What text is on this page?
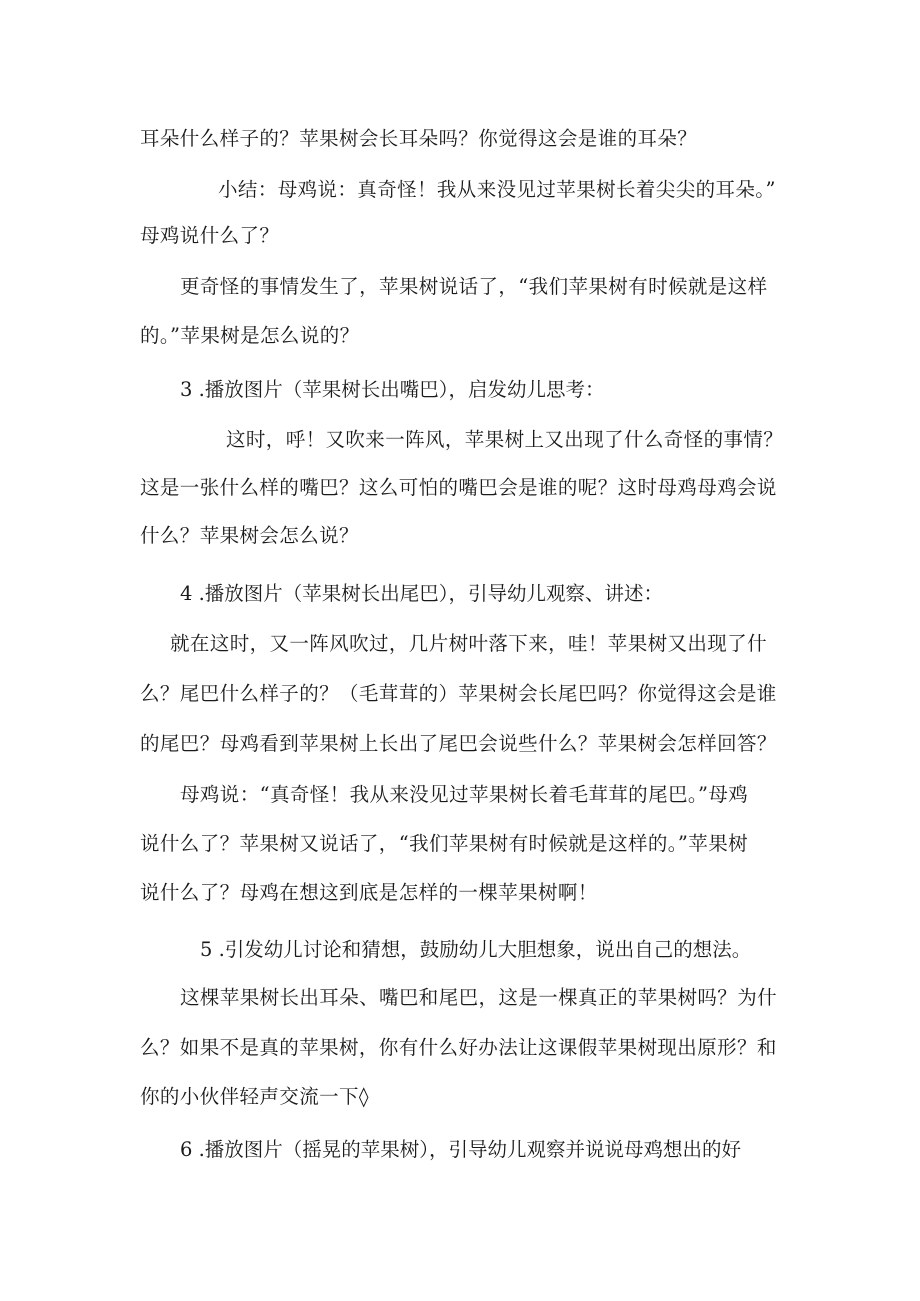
耳朵什么样子的？苹果树会长耳朵吗？你觉得这会是谁的耳朵？
小结：母鸡说：真奇怪！我从来没见过苹果树长着尖尖的耳朵。”
母鸡说什么了？
更奇怪的事情发生了，苹果树说话了，“我们苹果树有时候就是这样
的。”苹果树是怎么说的？
3 .播放图片（苹果树长出嘴巴），启发幼儿思考：
这时，呼！又吹来一阵风，苹果树上又出现了什么奇怪的事情？
这是一张什么样的嘴巴？这么可怕的嘴巴会是谁的呢？这时母鸡母鸡会说
什么？苹果树会怎么说？
4 .播放图片（苹果树长出尾巴），引导幼儿观察、讲述：
就在这时，又一阵风吹过，几片树叶落下来，哇！苹果树又出现了什
么？尾巴什么样子的？（毛茸茸的）苹果树会长尾巴吗？你觉得这会是谁
的尾巴？母鸡看到苹果树上长出了尾巴会说些什么？苹果树会怎样回答？
母鸡说：“真奇怪！我从来没见过苹果树长着毛茸茸的尾巴。”母鸡
说什么了？苹果树又说话了，“我们苹果树有时候就是这样的。”苹果树
说什么了？母鸡在想这到底是怎样的一棵苹果树啊！
5 .引发幼儿讨论和猜想，鼓励幼儿大胆想象，说出自己的想法。
这棵苹果树长出耳朵、嘴巴和尾巴，这是一棵真正的苹果树吗？为什
么？如果不是真的苹果树，你有什么好办法让这课假苹果树现出原形？和
你的小伙伴轻声交流一下◊
6 .播放图片（摇晃的苹果树），引导幼儿观察并说说母鸡想出的好
